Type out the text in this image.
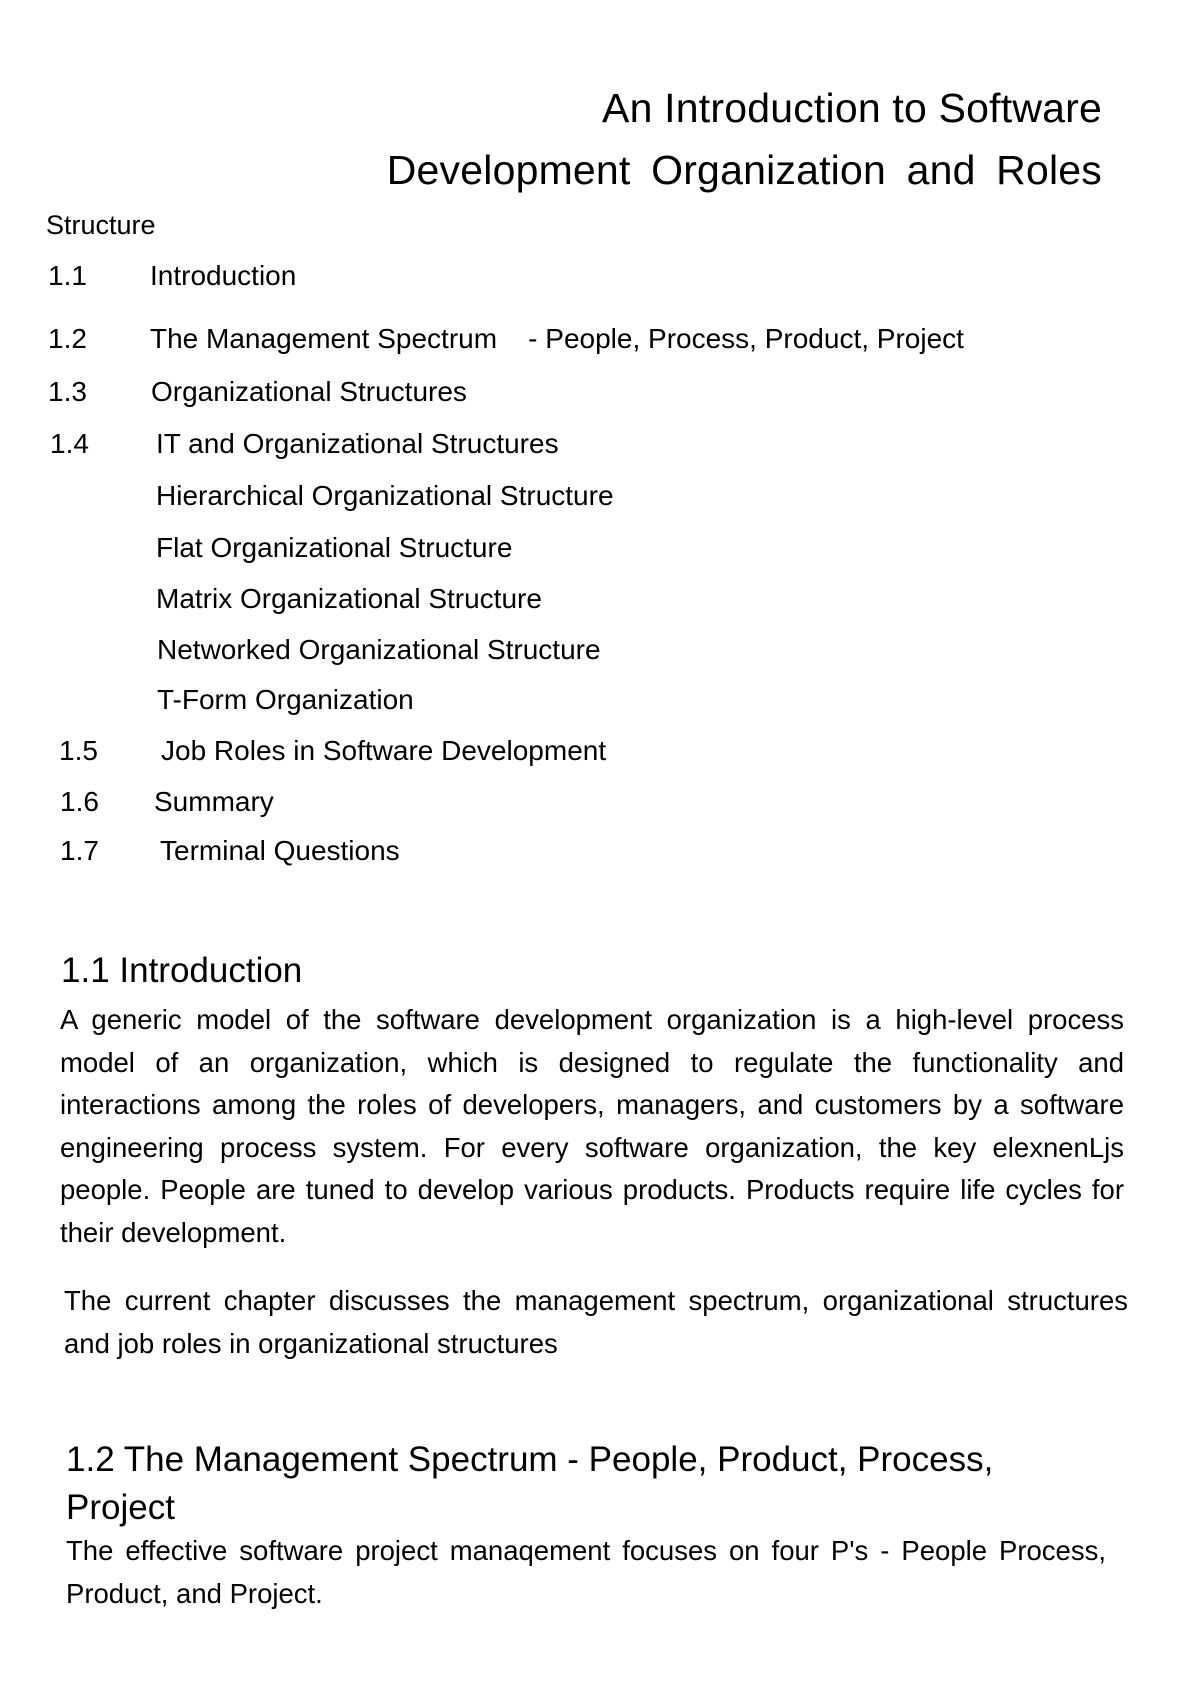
An Introduction to Software
Development Organization and Roles
Structure
1.1 Introduction
1.2 The Management Spectrum    - People, Process, Product, Project
1.3 Organizational Structures
1.4 IT and Organizational Structures
Hierarchical Organizational Structure
Flat Organizational Structure
Matrix Organizational Structure
Networked Organizational Structure
T-Form Organization
1.5 Job Roles in Software Development
1.6 Summary
1.7 Terminal Questions
1.1 Introduction
A generic model of the software development organization is a high-level process model of an organization, which is designed to regulate the functionality and interactions among the roles of developers, managers, and customers by a software engineering process system. For every software organization, the key elexnenLjs people. People are tuned to develop various products. Products require life cycles for their development.
The current chapter discusses the management spectrum, organizational structures and job roles in organizational structures
1.2 The Management Spectrum - People, Product, Process, Project
The effective software project manaqement focuses on four P's - People Process, Product, and Project.
